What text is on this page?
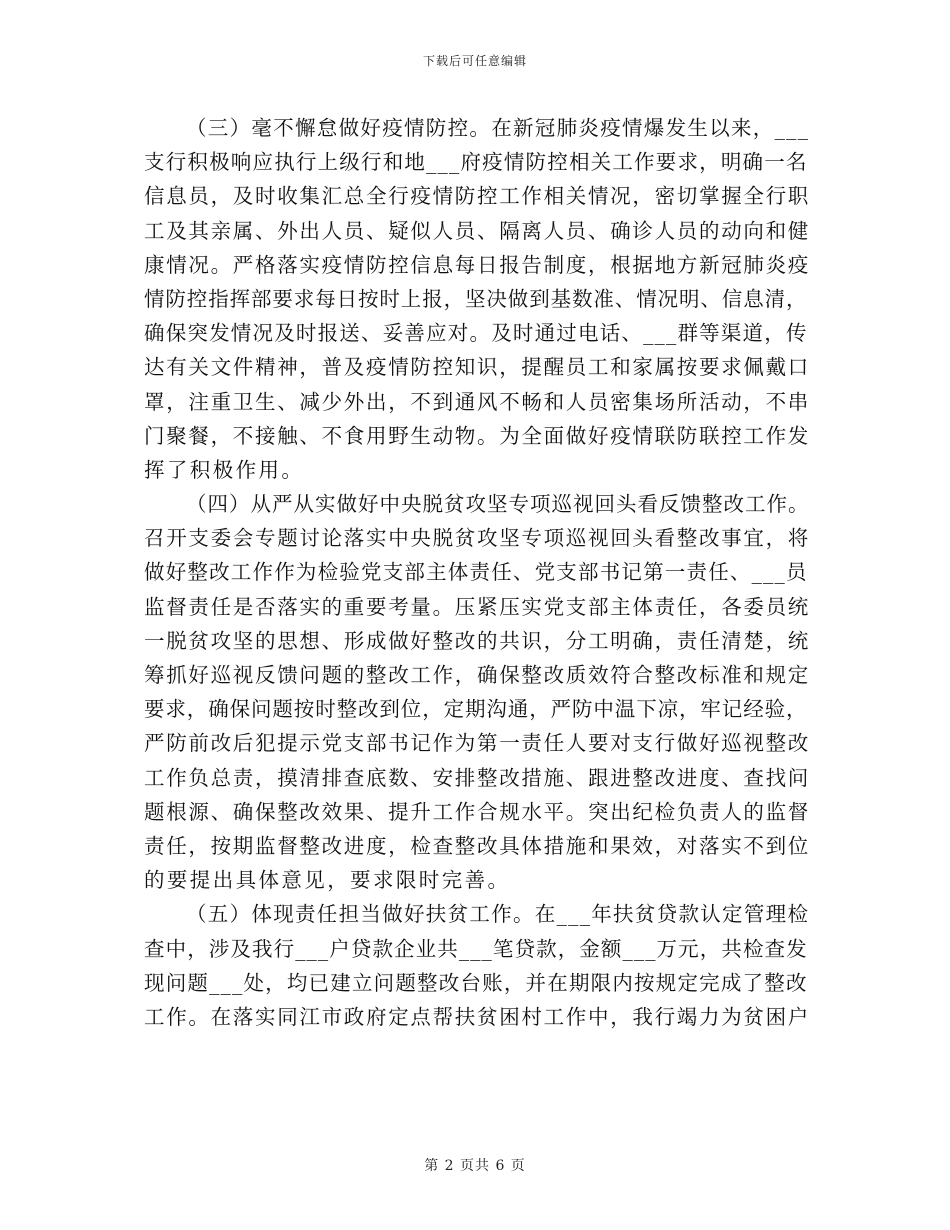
下载后可任意编辑

（三）毫不懈怠做好疫情防控。在新冠肺炎疫情爆发生以来，___
支行积极响应执行上级行和地___府疫情防控相关工作要求，明确一名
信息员，及时收集汇总全行疫情防控工作相关情况，密切掌握全行职
工及其亲属、外出人员、疑似人员、隔离人员、确诊人员的动向和健
康情况。严格落实疫情防控信息每日报告制度，根据地方新冠肺炎疫
情防控指挥部要求每日按时上报，坚决做到基数准、情况明、信息清，
确保突发情况及时报送、妥善应对。及时通过电话、___群等渠道，传
达有关文件精神，普及疫情防控知识，提醒员工和家属按要求佩戴口
罩，注重卫生、减少外出，不到通风不畅和人员密集场所活动，不串
门聚餐，不接触、不食用野生动物。为全面做好疫情联防联控工作发
挥了积极作用。

（四）从严从实做好中央脱贫攻坚专项巡视回头看反馈整改工作。
召开支委会专题讨论落实中央脱贫攻坚专项巡视回头看整改事宜，将
做好整改工作作为检验党支部主体责任、党支部书记第一责任、___员
监督责任是否落实的重要考量。压紧压实党支部主体责任，各委员统
一脱贫攻坚的思想、形成做好整改的共识，分工明确，责任清楚，统
筹抓好巡视反馈问题的整改工作，确保整改质效符合整改标准和规定
要求，确保问题按时整改到位，定期沟通，严防中温下凉，牢记经验，
严防前改后犯提示党支部书记作为第一责任人要对支行做好巡视整改
工作负总责，摸清排查底数、安排整改措施、跟进整改进度、查找问
题根源、确保整改效果、提升工作合规水平。突出纪检负责人的监督
责任，按期监督整改进度，检查整改具体措施和果效，对落实不到位
的要提出具体意见，要求限时完善。

（五）体现责任担当做好扶贫工作。在___年扶贫贷款认定管理检
查中，涉及我行___户贷款企业共___笔贷款，金额___万元，共检查发
现问题___处，均已建立问题整改台账，并在期限内按规定完成了整改
工作。在落实同江市政府定点帮扶贫困村工作中，我行竭力为贫困户

第 2 页共 6 页
